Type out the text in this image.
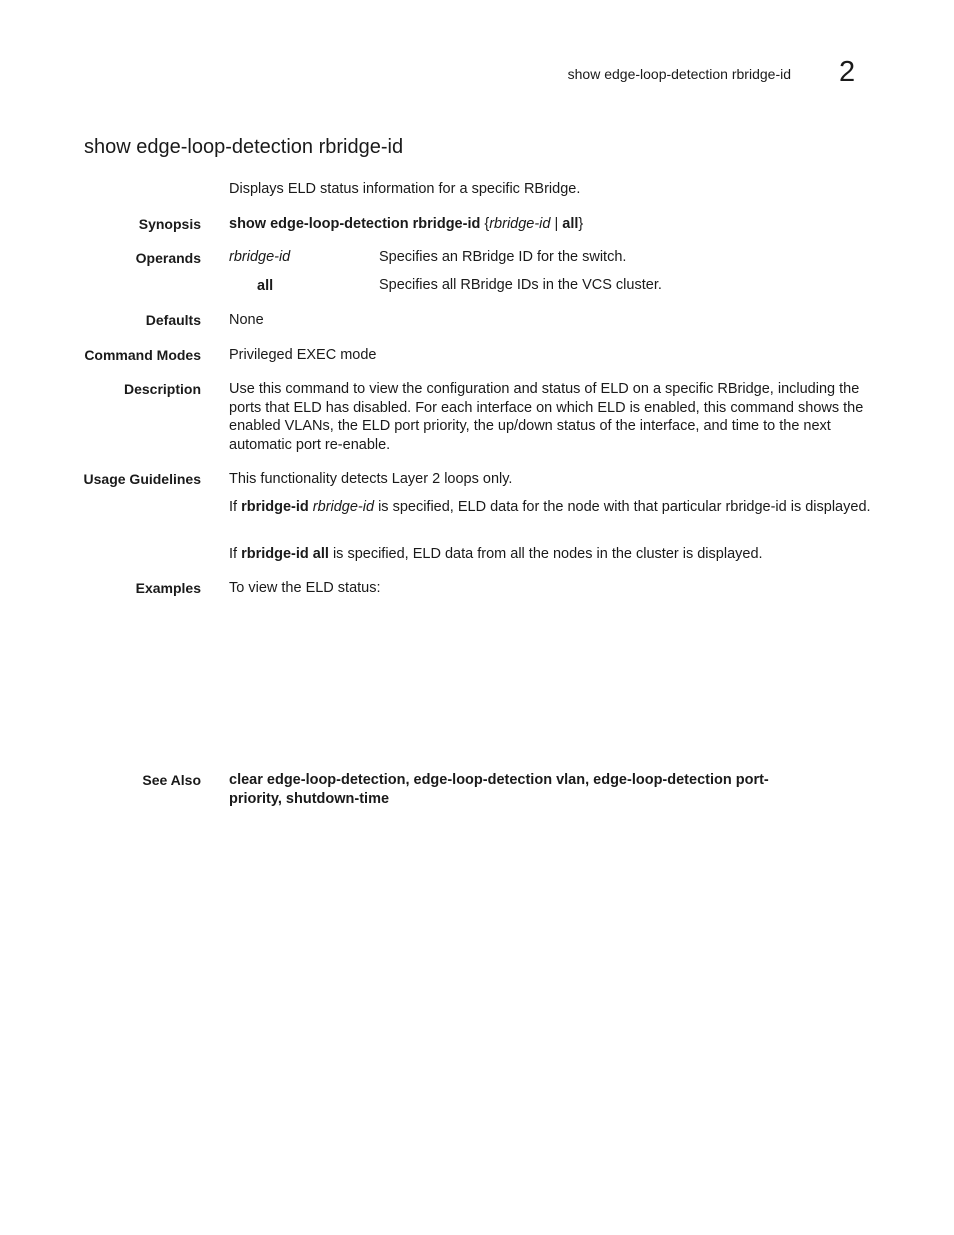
show edge-loop-detection rbridge-id 2
show edge-loop-detection rbridge-id
Displays ELD status information for a specific RBridge.
Synopsis show edge-loop-detection rbridge-id {rbridge-id | all}
Operands rbridge-id	Specifies an RBridge ID for the switch.
all	Specifies all RBridge IDs in the VCS cluster.
Defaults None
Command Modes Privileged EXEC mode
Description Use this command to view the configuration and status of ELD on a specific RBridge, including the ports that ELD has disabled. For each interface on which ELD is enabled, this command shows the enabled VLANs, the ELD port priority, the up/down status of the interface, and time to the next automatic port re-enable.
Usage Guidelines This functionality detects Layer 2 loops only.
If rbridge-id rbridge-id is specified, ELD data for the node with that particular rbridge-id is displayed.
If rbridge-id all is specified, ELD data from all the nodes in the cluster is displayed.
Examples To view the ELD status:
See Also clear edge-loop-detection, edge-loop-detection vlan, edge-loop-detection port-priority, shutdown-time
